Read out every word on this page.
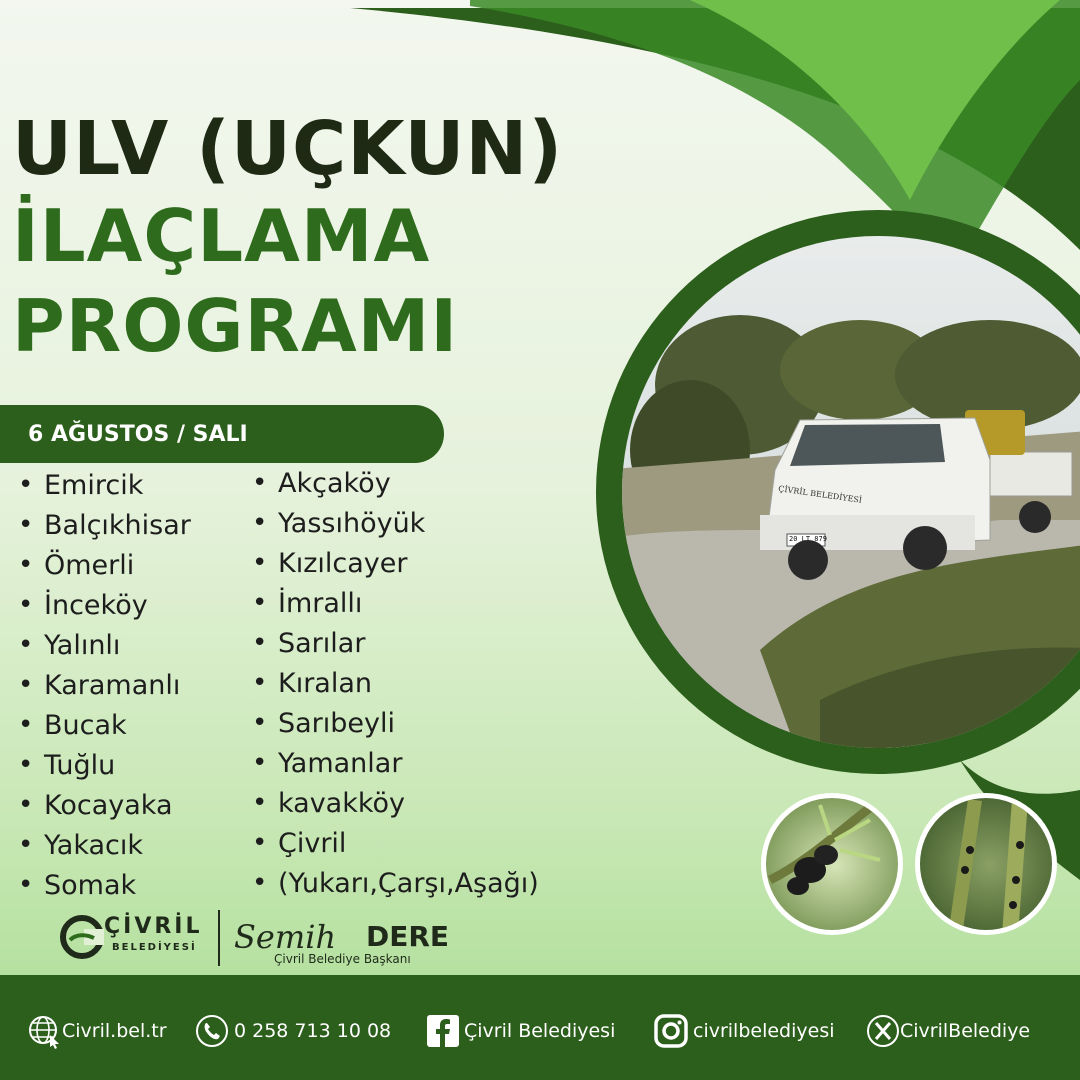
20 LT 879
ÇİVRİL BELEDİYESİ
ULV (UÇKUN)
İLAÇLAMA
PROGRAMI
6 AĞUSTOS / SALI
• Emircik
• Balçıkhisar
• Ömerli
• İnceköy
• Yalınlı
• Karamanlı
• Bucak
• Tuğlu
• Kocayaka
• Yakacık
• Somak
• Akçaköy
• Yassıhöyük
• Kızılcayer
• İmrallı
• Sarılar
• Kıralan
• Sarıbeyli
• Yamanlar
• kavakköy
• Çivril
• (Yukarı,Çarşı,Aşağı)
ÇİVRİL
BELEDİYESİ Semih DERE
Çivril Belediye Başkanı
Civril.bel.tr	0 258 713 10 08	Çivril Belediyesi	civrilbelediyesi	CivrilBelediye
